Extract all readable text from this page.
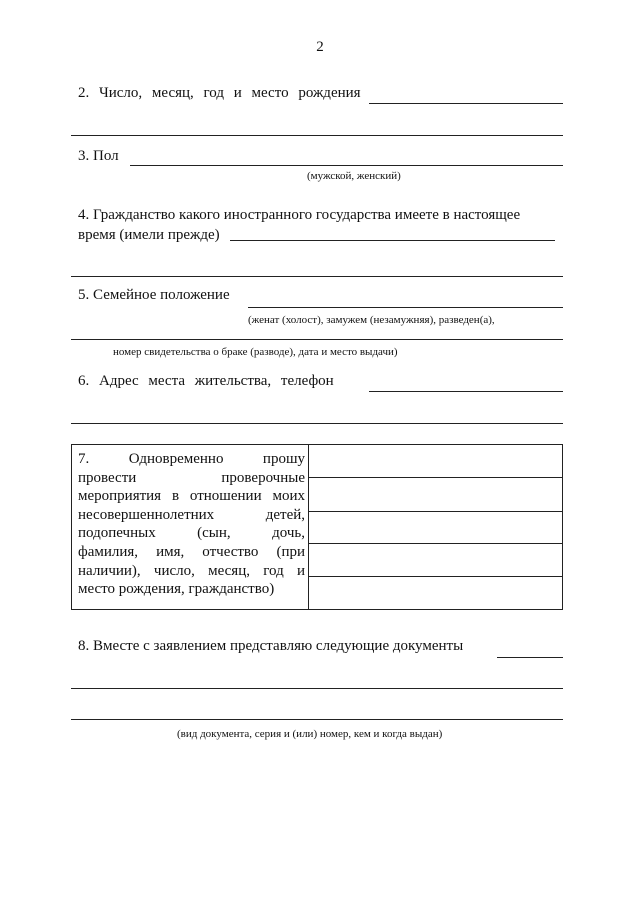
2
2. Число, месяц, год и место рождения
3. Пол
(мужской, женский)
4. Гражданство какого иностранного государства имеете в настоящее
время (имели прежде)
5. Семейное положение
(женат (холост), замужем (незамужняя), разведен(а),
номер свидетельства о браке (разводе), дата и место выдачи)
6. Адрес места жительства, телефон
7. Одновременно прошу
провести проверочные
мероприятия в отношении моих
несовершеннолетних детей,
подопечных (сын, дочь,
фамилия, имя, отчество (при
наличии), число, месяц, год и
место рождения, гражданство)
8. Вместе с заявлением представляю следующие документы
(вид документа, серия и (или) номер, кем и когда выдан)
